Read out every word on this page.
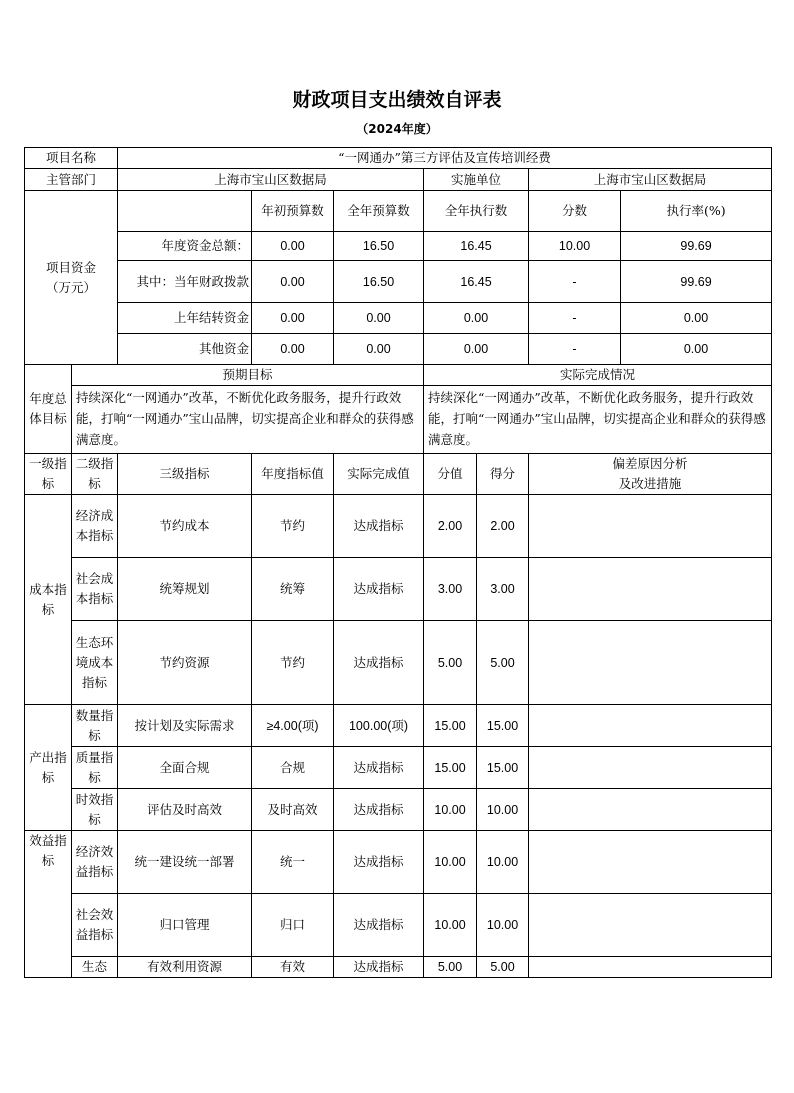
财政项目支出绩效自评表
（2024年度）
项目名称		“一网通办”第三方评估及宣传培训经费							
主管部门		上海市宝山区数据局			实施单位		上海市宝山区数据局		

项目资金
（万元）			年初预算数	全年预算数	全年执行数		分数	执行率(%)	
		年度资金总额：	0.00	16.50	16.45		10.00	99.69	
		其中：当年财政拨款	0.00	16.50	16.45		-	99.69	
		上年结转资金	0.00	0.00	0.00		-	0.00	
		其他资金	0.00	0.00	0.00		-	0.00	
年度总体目标	预期目标				实际完成情况				
	持续深化“一网通办”改革，不断优化政务服务，提升行政效能，打响“一网通办”宝山品牌，切实提高企业和群众的获得感满意度。				持续深化“一网通办”改革，不断优化政务服务，提升行政效能，打响“一网通办”宝山品牌，切实提高企业和群众的获得感满意度。				
一级指标	二级指标	三级指标	年度指标值	实际完成值	分值	得分	偏差原因分析
及改进措施		

成本指标	经济成本指标	节约成本	节约	达成指标	2.00	2.00			
	社会成本指标	统筹规划	统筹	达成指标	3.00	3.00			
	生态环境成本指标	节约资源	节约	达成指标	5.00	5.00			
产出指标	数量指标	按计划及实际需求	≥4.00(项)	100.00(项)	15.00	15.00			
	质量指标	全面合规	合规	达成指标	15.00	15.00			
	时效指标	评估及时高效	及时高效	达成指标	10.00	10.00			
效益指标	经济效益指标	统一建设统一部署	统一	达成指标	10.00	10.00			
	社会效益指标	归口管理	归口	达成指标	10.00	10.00			
	生态	有效利用资源	有效	达成指标	5.00	5.00			
